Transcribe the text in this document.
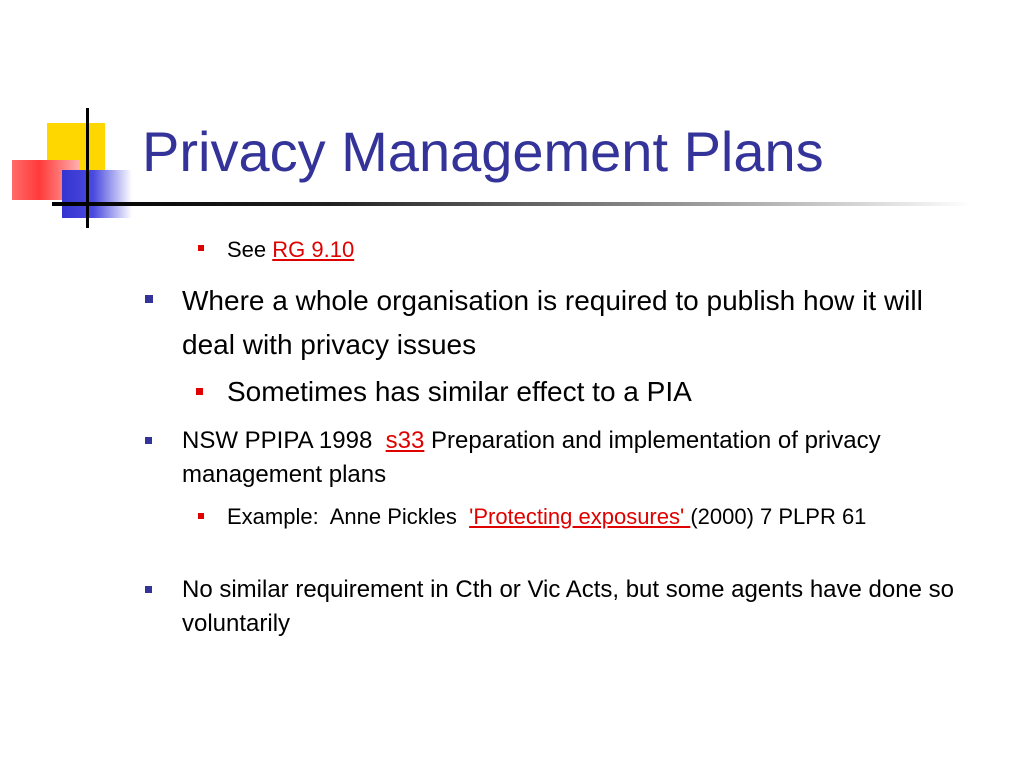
Privacy Management Plans
See RG 9.10
Where a whole organisation is required to publish how it will deal with privacy issues
Sometimes has similar effect to a PIA
NSW PPIPA 1998  s33 Preparation and implementation of privacy management plans
Example:  Anne Pickles  'Protecting exposures' (2000) 7 PLPR 61
No similar requirement in Cth or Vic Acts, but some agents have done so voluntarily
